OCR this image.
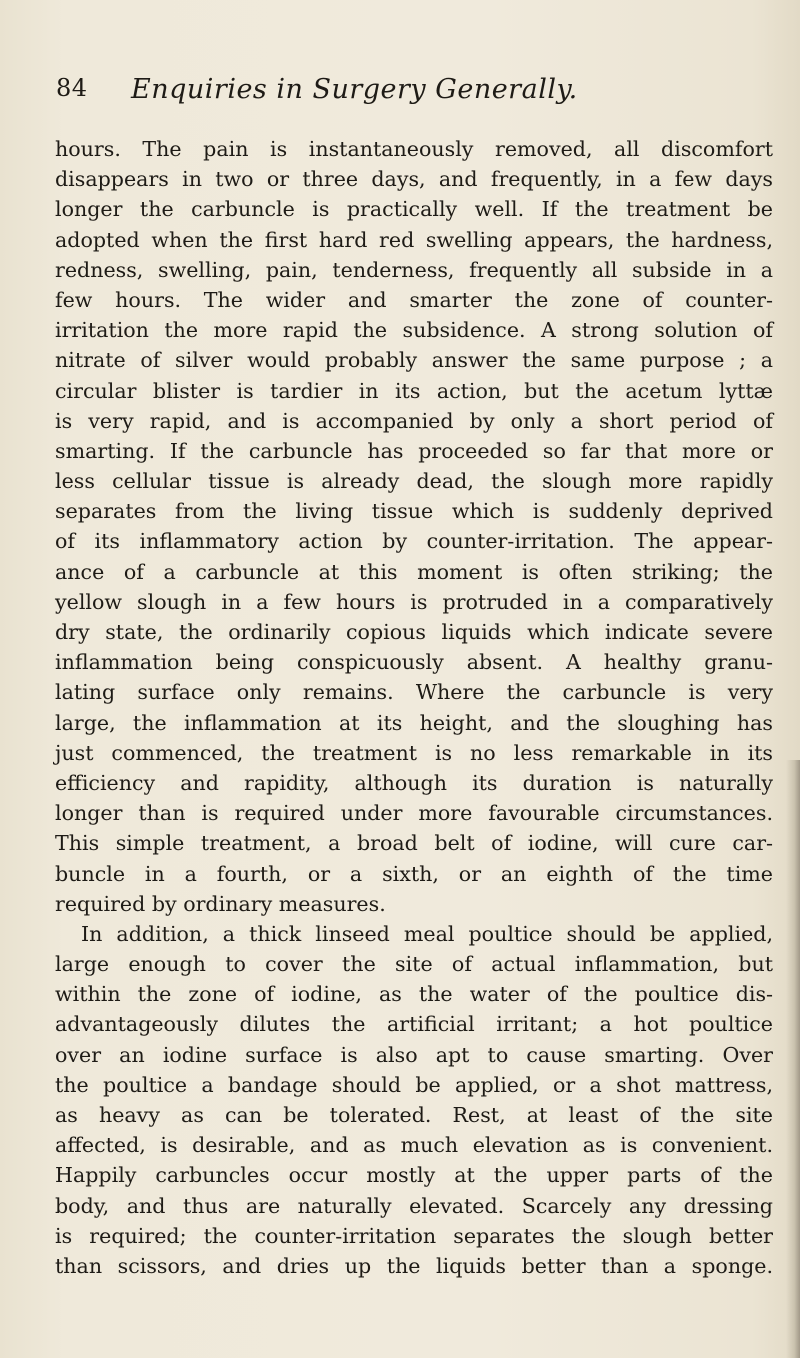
84 Enquiries in Surgery Generally.
hours. The pain is instantaneously removed, all discomfort
disappears in two or three days, and frequently, in a few days
longer the carbuncle is practically well. If the treatment be
adopted when the first hard red swelling appears, the hardness,
redness, swelling, pain, tenderness, frequently all subside in a
few hours. The wider and smarter the zone of counter-
irritation the more rapid the subsidence. A strong solution of
nitrate of silver would probably answer the same purpose ; a
circular blister is tardier in its action, but the acetum lyttæ
is very rapid, and is accompanied by only a short period of
smarting. If the carbuncle has proceeded so far that more or
less cellular tissue is already dead, the slough more rapidly
separates from the living tissue which is suddenly deprived
of its inflammatory action by counter-irritation. The appear-
ance of a carbuncle at this moment is often striking; the
yellow slough in a few hours is protruded in a comparatively
dry state, the ordinarily copious liquids which indicate severe
inflammation being conspicuously absent. A healthy granu-
lating surface only remains. Where the carbuncle is very
large, the inflammation at its height, and the sloughing has
just commenced, the treatment is no less remarkable in its
efficiency and rapidity, although its duration is naturally
longer than is required under more favourable circumstances.
This simple treatment, a broad belt of iodine, will cure car-
buncle in a fourth, or a sixth, or an eighth of the time
required by ordinary measures.
In addition, a thick linseed meal poultice should be applied,
large enough to cover the site of actual inflammation, but
within the zone of iodine, as the water of the poultice dis-
advantageously dilutes the artificial irritant; a hot poultice
over an iodine surface is also apt to cause smarting. Over
the poultice a bandage should be applied, or a shot mattress,
as heavy as can be tolerated. Rest, at least of the site
affected, is desirable, and as much elevation as is convenient.
Happily carbuncles occur mostly at the upper parts of the
body, and thus are naturally elevated. Scarcely any dressing
is required; the counter-irritation separates the slough better
than scissors, and dries up the liquids better than a sponge.
